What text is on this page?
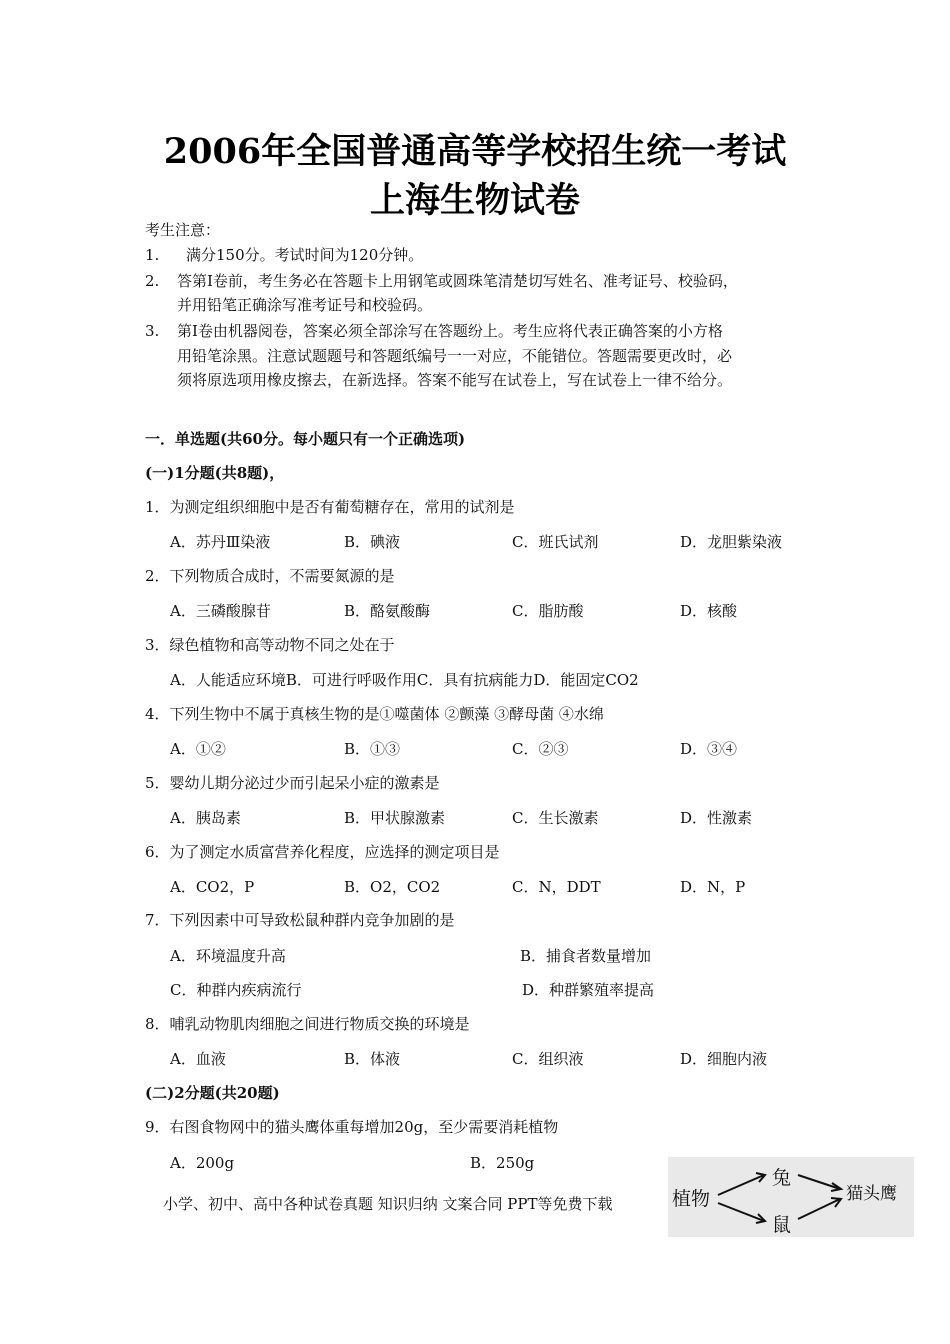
2006年全国普通高等学校招生统一考试
上海生物试卷
考生注意：
1. 满分150分。考试时间为120分钟。
2. 答第Ⅰ卷前，考生务必在答题卡上用钢笔或圆珠笔清楚切写姓名、准考证号、校验码，
并用铅笔正确涂写准考证号和校验码。
3. 第Ⅰ卷由机器阅卷，答案必须全部涂写在答题纷上。考生应将代表正确答案的小方格
用铅笔涂黑。注意试题题号和答题纸编号一一对应，不能错位。答题需要更改时，必
须将原选项用橡皮擦去，在新选择。答案不能写在试卷上，写在试卷上一律不给分。
一．单选题(共60分。每小题只有一个正确选项)
(一)1分题(共8题)，
1．为测定组织细胞中是否有葡萄糖存在，常用的试剂是
A．苏丹Ⅲ染液	B．碘液	C．班氏试剂	D．龙胆紫染液
2．下列物质合成时，不需要氮源的是
A．三磷酸腺苷	B．酪氨酸酶	C．脂肪酸	D．核酸
3．绿色植物和高等动物不同之处在于
A．人能适应环境B．可进行呼吸作用C．具有抗病能力D．能固定CO2
4．下列生物中不属于真核生物的是①噬菌体 ②颤藻 ③酵母菌 ④水绵
A．①②	B．①③	C．②③	D．③④
5．婴幼儿期分泌过少而引起呆小症的激素是
A．胰岛素	B．甲状腺激素	C．生长激素	D．性激素
6．为了测定水质富营养化程度，应选择的测定项目是
A．CO2，P	B．O2，CO2	C．N，DDT	D．N，P
7．下列因素中可导致松鼠种群内竞争加剧的是
A．环境温度升高	B．捕食者数量增加
C．种群内疾病流行	D．种群繁殖率提高
8．哺乳动物肌肉细胞之间进行物质交换的环境是
A．血液	B．体液	C．组织液	D．细胞内液
(二)2分题(共20题)
9．右图食物网中的猫头鹰体重每增加20g，至少需要消耗植物
A．200g	B．250g
小学、初中、高中各种试卷真题 知识归纳 文案合同 PPT等免费下载	植物
兔
鼠
猫头鹰
